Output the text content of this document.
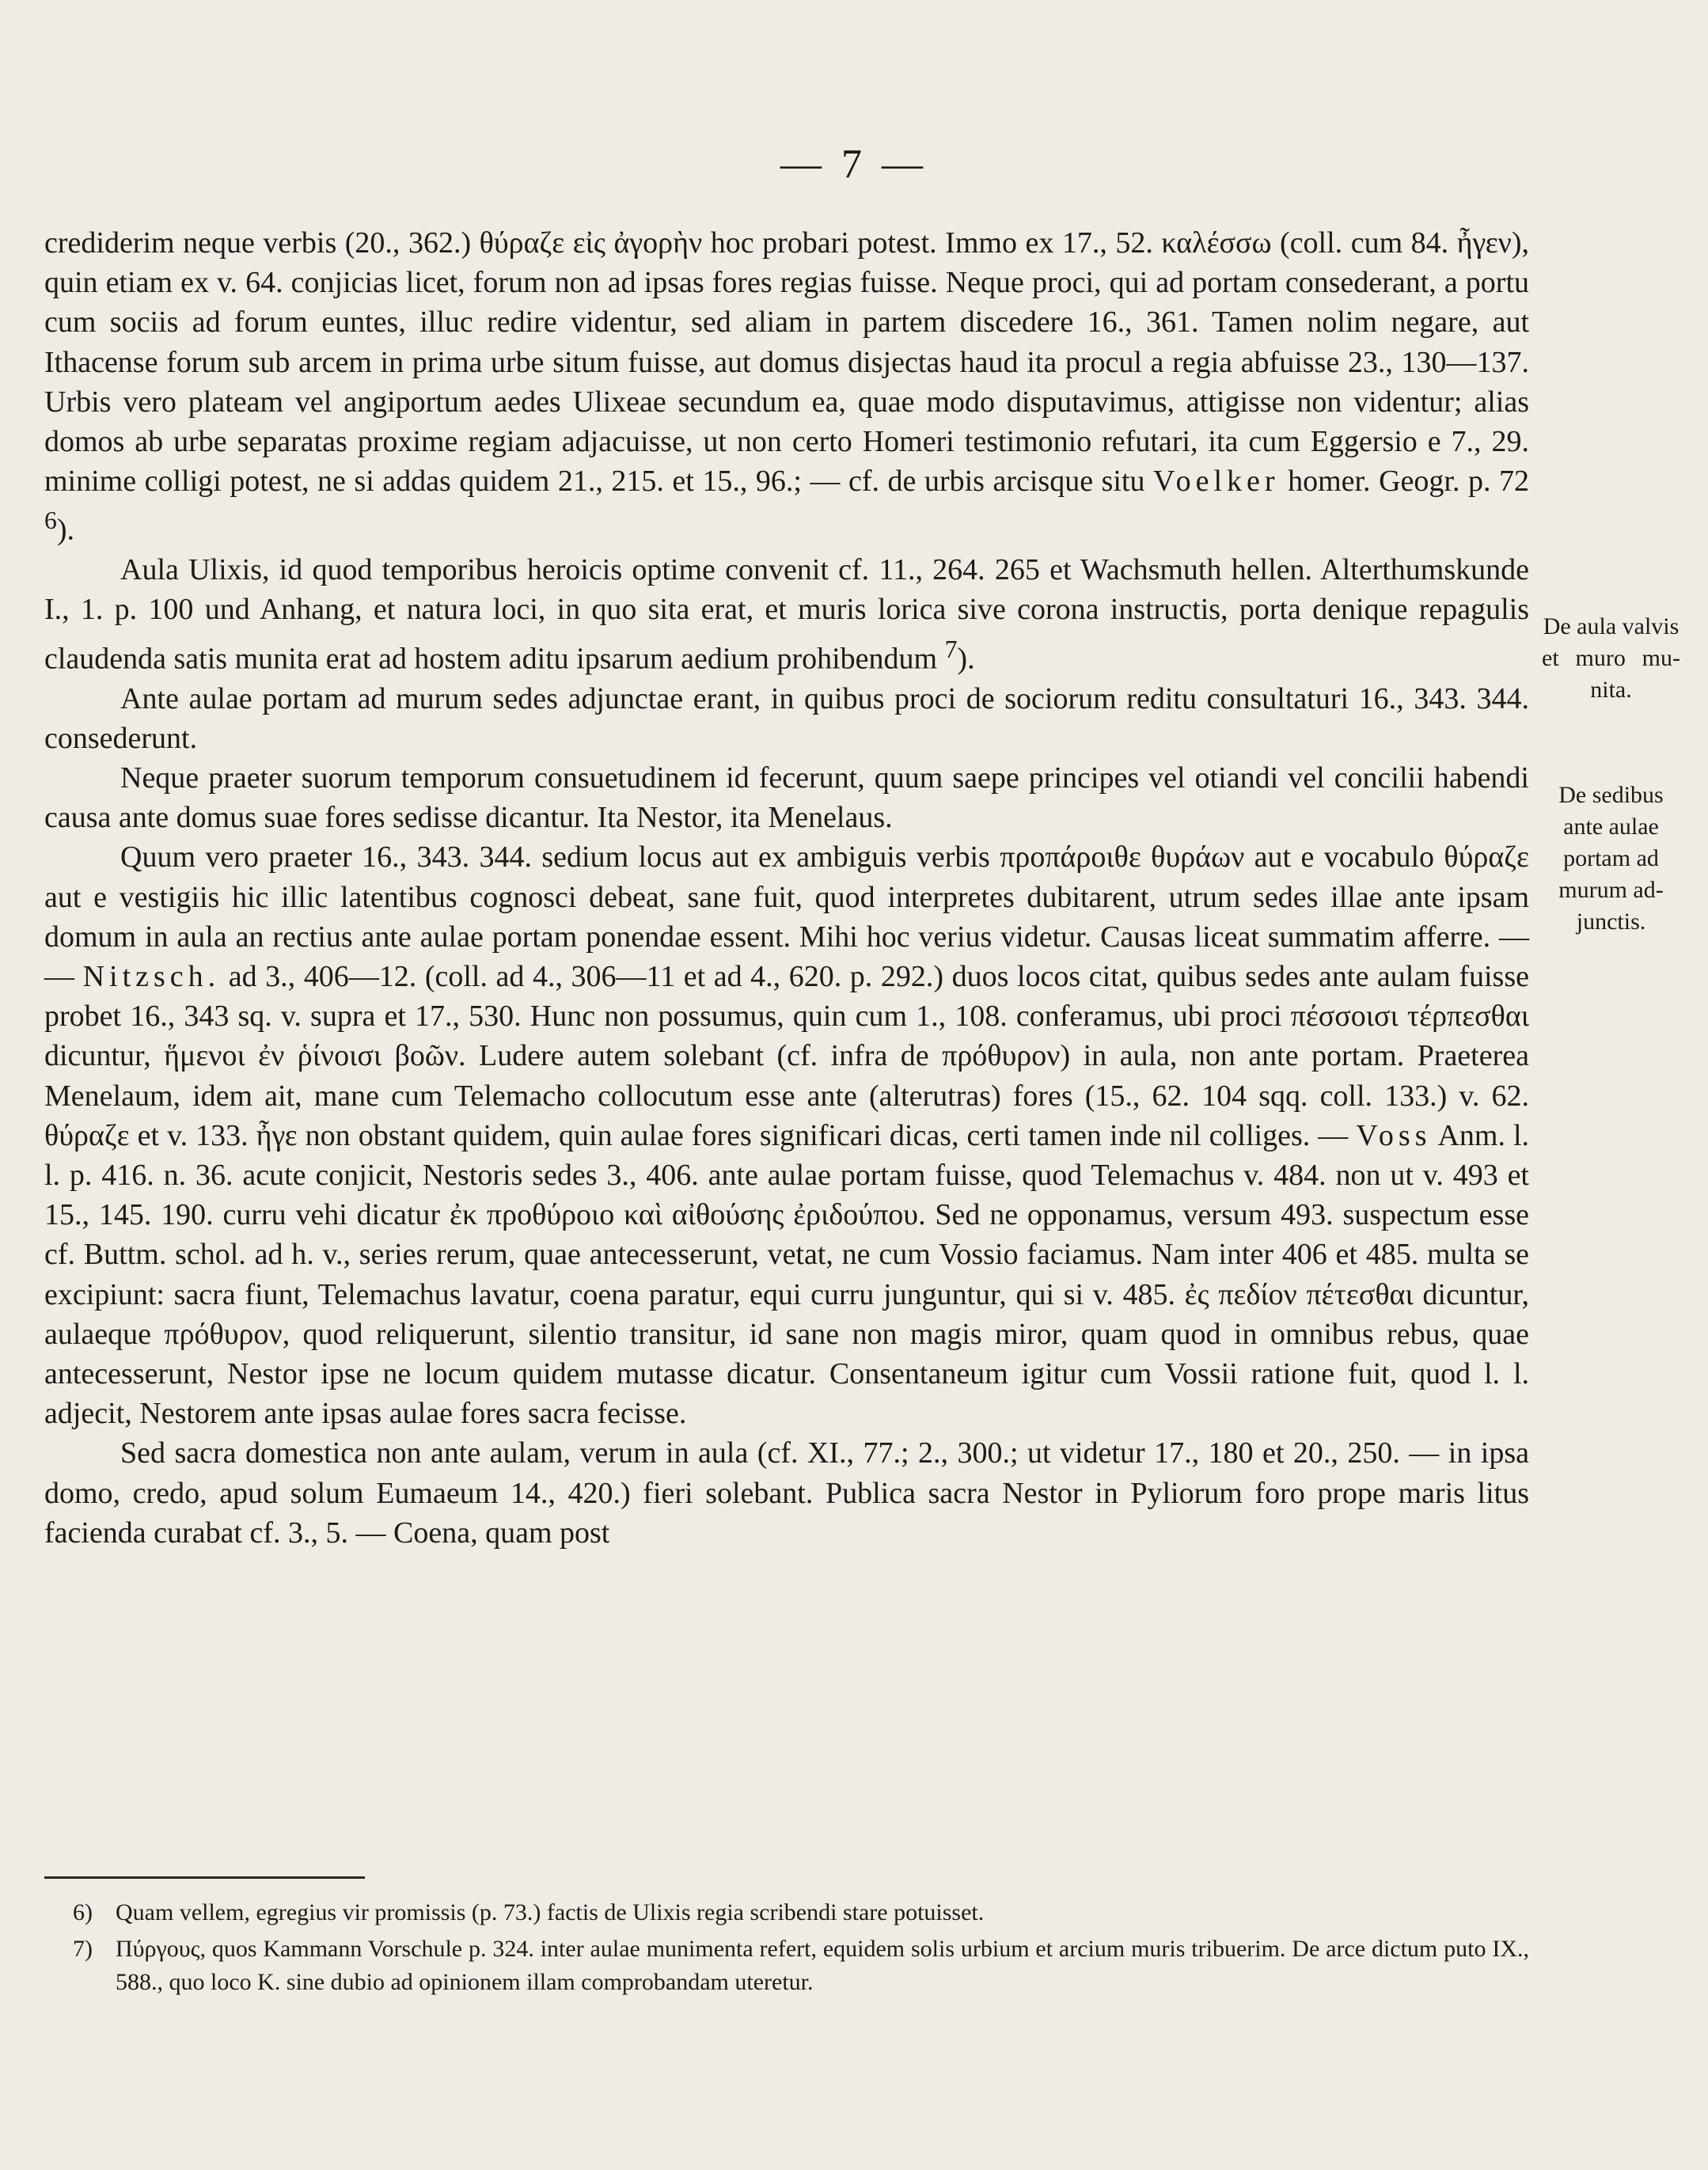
— 7 —

crediderim neque verbis (20., 362.) θύραζε εἰς ἀγορὴν hoc probari potest. Immo ex 17., 52. καλέσσω (coll. cum 84. ἦγεν), quin etiam ex v. 64. conjicias licet, forum non ad ipsas fores regias fuisse. Neque proci, qui ad portam consederant, a portu cum sociis ad forum euntes, illuc redire videntur, sed aliam in partem discedere 16., 361. Tamen nolim negare, aut Ithacense forum sub arcem in prima urbe situm fuisse, aut domus disjectas haud ita procul a regia abfuisse 23., 130—137. Urbis vero plateam vel angiportum aedes Ulixeae secundum ea, quae modo disputavimus, attigisse non videntur; alias domos ab urbe separatas proxime regiam adjacuisse, ut non certo Homeri testimonio refutari, ita cum Eggersio e 7., 29. minime colligi potest, ne si addas quidem 21., 215. et 15., 96.; — cf. de urbis arcisque situ Voelker homer. Geogr. p. 72 $^6$).

Aula Ulixis, id quod temporibus heroicis optime convenit cf. 11., 264. 265 et Wachsmuth hellen. Alterthumskunde I., 1. p. 100 und Anhang, et natura loci, in quo sita erat, et muris lorica sive corona instructis, porta denique repagulis claudenda satis munita erat ad hostem aditu ipsarum aedium prohibendum $^7$).

Ante aulae portam ad murum sedes adjunctae erant, in quibus proci de sociorum reditu consultaturi 16., 343. 344. consederunt.

Neque praeter suorum temporum consuetudinem id fecerunt, quum saepe principes vel otiandi vel concilii habendi causa ante domus suae fores sedisse dicantur. Ita Nestor, ita Menelaus.

Quum vero praeter 16., 343. 344. sedium locus aut ex ambiguis verbis προπάροιθε θυράων aut e vocabulo θύραζε aut e vestigiis hic illic latentibus cognosci debeat, sane fuit, quod interpretes dubitarent, utrum sedes illae ante ipsam domum in aula an rectius ante aulae portam ponendae essent. Mihi hoc verius videtur. Causas liceat summatim afferre. — — Nitzsch. ad 3., 406—12. (coll. ad 4., 306—11 et ad 4., 620. p. 292.) duos locos citat, quibus sedes ante aulam fuisse probet 16., 343 sq. v. supra et 17., 530. Hunc non possumus, quin cum 1., 108. conferamus, ubi proci πέσσοισι τέρπεσθαι dicuntur, ἥμενοι ἐν ῥίνοισι βοῶν. Ludere autem solebant (cf. infra de πρόθυρον) in aula, non ante portam. Praeterea Menelaum, idem ait, mane cum Telemacho collocutum esse ante (alterutras) fores (15., 62. 104 sqq. coll. 133.) v. 62. θύραζε et v. 133. ἦγε non obstant quidem, quin aulae fores significari dicas, certi tamen inde nil colliges. — Voss Anm. l. l. p. 416. n. 36. acute conjicit, Nestoris sedes 3., 406. ante aulae portam fuisse, quod Telemachus v. 484. non ut v. 493 et 15., 145. 190. curru vehi dicatur ἐκ προθύροιο καὶ αἰθούσης ἐριδούπου. Sed ne opponamus, versum 493. suspectum esse cf. Buttm. schol. ad h. v., series rerum, quae antecesserunt, vetat, ne cum Vossio faciamus. Nam inter 406 et 485. multa se excipiunt: sacra fiunt, Telemachus lavatur, coena paratur, equi curru junguntur, qui si v. 485. ἐς πεδίον πέτεσθαι dicuntur, aulaeque πρόθυρον, quod reliquerunt, silentio transitur, id sane non magis miror, quam quod in omnibus rebus, quae antecesserunt, Nestor ipse ne locum quidem mutasse dicatur. Consentaneum igitur cum Vossii ratione fuit, quod l. l. adjecit, Nestorem ante ipsas aulae fores sacra fecisse.

Sed sacra domestica non ante aulam, verum in aula (cf. XI., 77.; 2., 300.; ut videtur 17., 180 et 20., 250. — in ipsa domo, credo, apud solum Eumaeum 14., 420.) fieri solebant. Publica sacra Nestor in Pyliorum foro prope maris litus facienda curabat cf. 3., 5. — Coena, quam post

De aula valvis
et muro mu-
nita.
De sedibus
ante aulae
portam ad
murum ad-
junctis.
6) Quam vellem, egregius vir promissis (p. 73.) factis de Ulixis regia scribendi stare potuisset.
7) Πύργους, quos Kammann Vorschule p. 324. inter aulae munimenta refert, equidem solis urbium et arcium muris tribuerim. De arce dictum puto IX., 588., quo loco K. sine dubio ad opinionem illam comprobandam uteretur.
